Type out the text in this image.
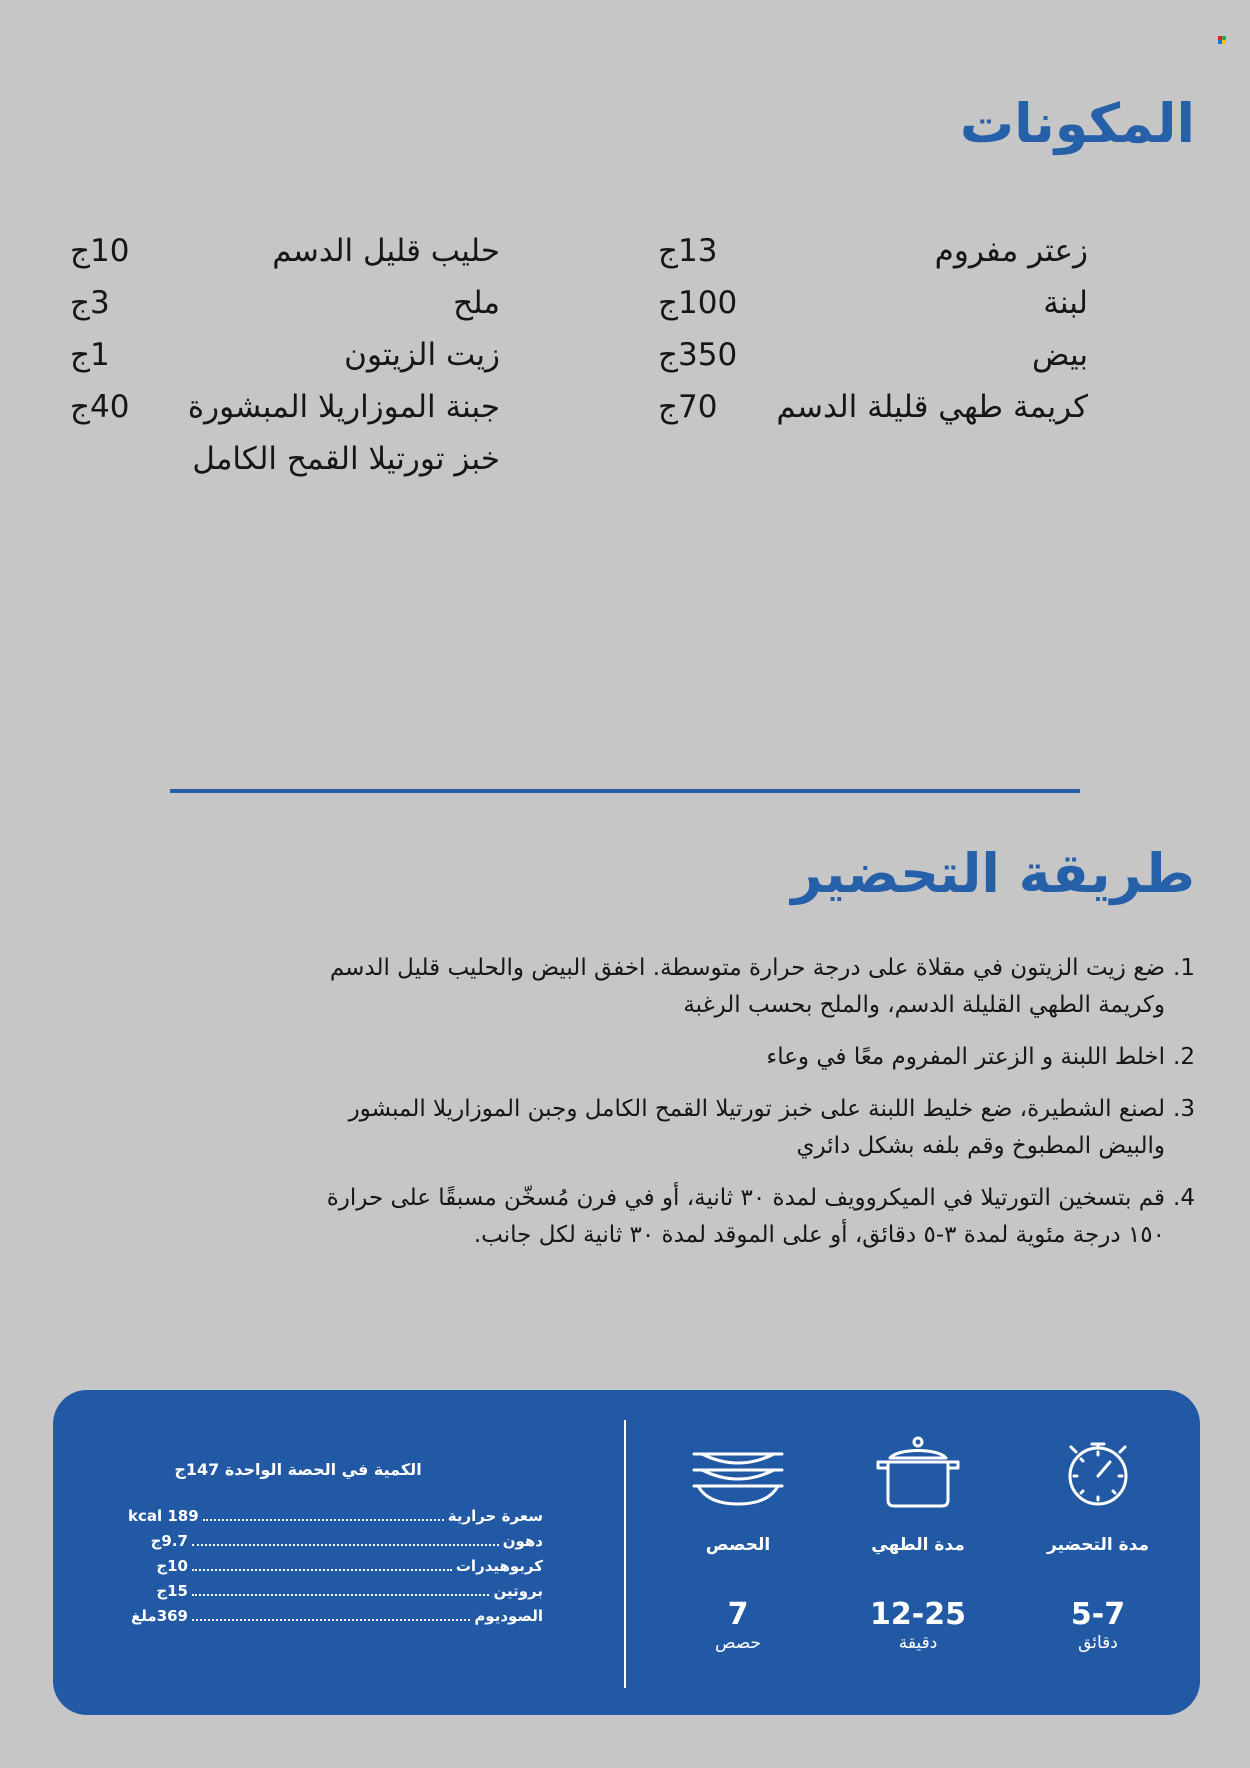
المكونات
زعتر مفروم
13ج
لبنة
100ج
بيض
350ج
كريمة طهي قليلة الدسم
70ج
حليب قليل الدسم
10ج
ملح
3ج
زيت الزيتون
1ج
جبنة الموزاريلا المبشورة
40ج
خبز تورتيلا القمح الكامل
طريقة التحضير
1.
ضع زيت الزيتون في مقلاة على درجة حرارة متوسطة. اخفق البيض والحليب قليل الدسم وكريمة الطهي القليلة الدسم، والملح بحسب الرغبة
2.
اخلط اللبنة و الزعتر المفروم معًا في وعاء
3.
لصنع الشطيرة، ضع خليط اللبنة على خبز تورتيلا القمح الكامل وجبن الموزاريلا المبشور والبيض المطبوخ وقم بلفه بشكل دائري
4.
قم بتسخين التورتيلا في الميكروويف لمدة ٣٠ ثانية، أو في فرن مُسخّن مسبقًا على حرارة ١٥٠ درجة مئوية لمدة ٣-٥ دقائق، أو على الموقد لمدة ٣٠ ثانية لكل جانب.
مدة التحضير
5-7
دقائق
مدة الطهي
12-25
دقيقة
الحصص
7
حصص
الكمية في الحصة الواحدة 147ج
سعرة حرارية
189 kcal
دهون
9.7ج
كربوهيدرات
10ج
بروتين
15ج
الصوديوم
369ملغ
